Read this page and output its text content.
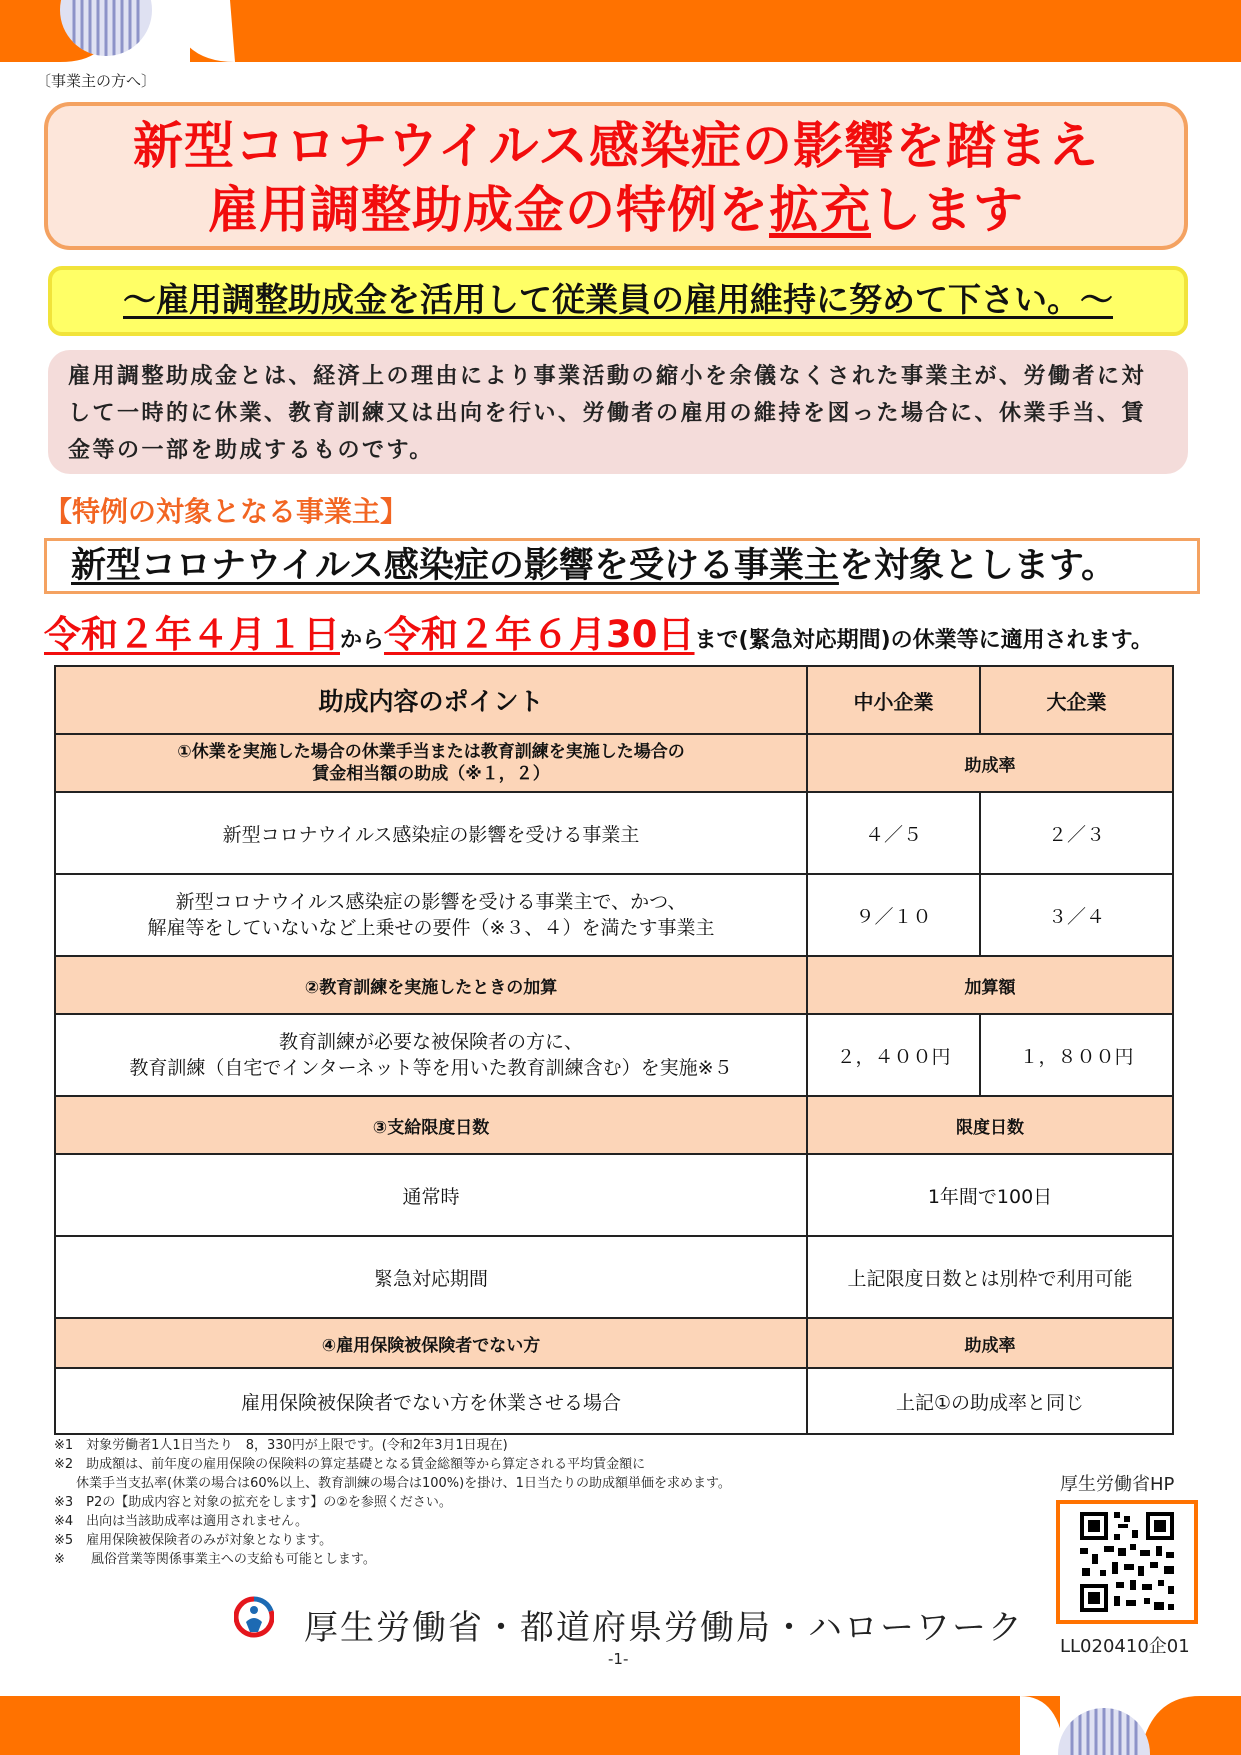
〔事業主の方へ〕
新型コロナウイルス感染症の影響を踏まえ
雇用調整助成金の特例を拡充します
～雇用調整助成金を活用して従業員の雇用維持に努めて下さい。～
雇用調整助成金とは、経済上の理由により事業活動の縮小を余儀なくされた事業主が、労働者に対して一時的に休業、教育訓練又は出向を行い、労働者の雇用の維持を図った場合に、休業手当、賃金等の一部を助成するものです。
【特例の対象となる事業主】
新型コロナウイルス感染症の影響を受ける事業主を対象とします。
令和２年４月１日から令和２年６月30日まで(緊急対応期間)の休業等に適用されます。
助成内容のポイント	中小企業	大企業

①休業を実施した場合の休業手当または教育訓練を実施した場合の
賃金相当額の助成（※１，２）	助成率	
新型コロナウイルス感染症の影響を受ける事業主	４／５	２／３

新型コロナウイルス感染症の影響を受ける事業主で、かつ、
解雇等をしていないなど上乗せの要件（※３、４）を満たす事業主	９／１０	３／４
②教育訓練を実施したときの加算	加算額	

教育訓練が必要な被保険者の方に、
教育訓練（自宅でインターネット等を用いた教育訓練含む）を実施※５	２，４００円	１，８００円
③支給限度日数	限度日数	
通常時	1年間で100日	
緊急対応期間	上記限度日数とは別枠で利用可能	
④雇用保険被保険者でない方	助成率	
雇用保険被保険者でない方を休業させる場合	上記①の助成率と同じ	
※1　対象労働者1人1日当たり　8，330円が上限です。(令和2年3月1日現在)
※2　助成額は、前年度の雇用保険の保険料の算定基礎となる賃金総額等から算定される平均賃金額に
休業手当支払率(休業の場合は60%以上、教育訓練の場合は100%)を掛け、1日当たりの助成額単価を求めます。
※3　P2の【助成内容と対象の拡充をします】の②を参照ください。
※4　出向は当該助成率は適用されません。
※5　雇用保険被保険者のみが対象となります。
※　　風俗営業等関係事業主への支給も可能とします。
厚生労働省HP
LL020410企01
厚生労働省・都道府県労働局・ハローワーク
-1-
